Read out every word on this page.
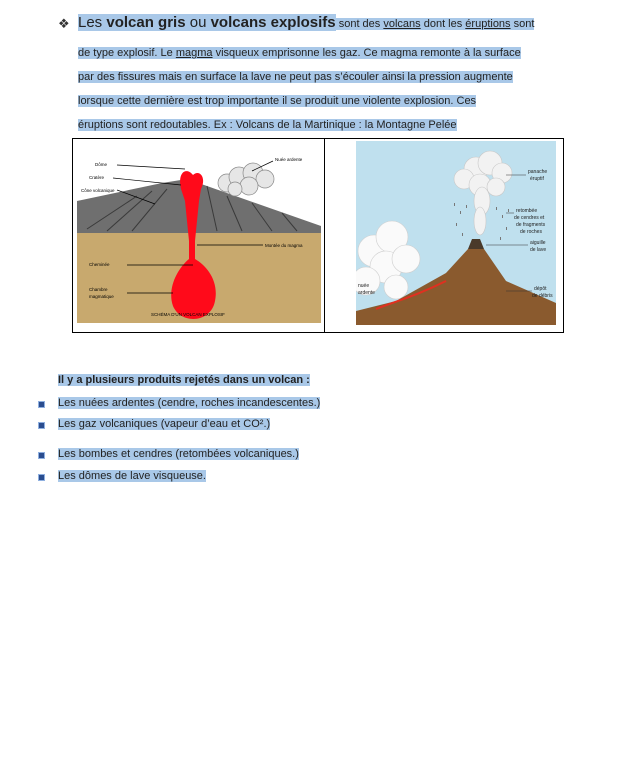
❖ Les volcan gris ou volcans explosifs sont des volcans dont les éruptions sont
de type explosif. Le magma visqueux emprisonne les gaz. Ce magma remonte à la surface
par des fissures mais en surface la lave ne peut pas s’écouler ainsi la pression augmente
lorsque cette dernière est trop importante il se produit une violente explosion. Ces
éruptions sont redoutables. Ex : Volcans de la Martinique : la Montagne Pelée
Dôme
Cratère
Cône volcanique
Nuée ardente
Montée du magma
Cheminée
Chambre
magmatique
SCHÉMA D'UN VOLCAN EXPLOSIF
panache
éruptif
retombée
de cendres et
de fragments
de roches
aiguille
de lave
nuée
ardente
dépôt
de débris
Il y a plusieurs produits rejetés dans un volcan :
Les nuées ardentes (cendre, roches incandescentes.)
Les gaz volcaniques (vapeur d’eau et CO².)
Les bombes et cendres (retombées volcaniques.)
Les dômes de lave visqueuse.
